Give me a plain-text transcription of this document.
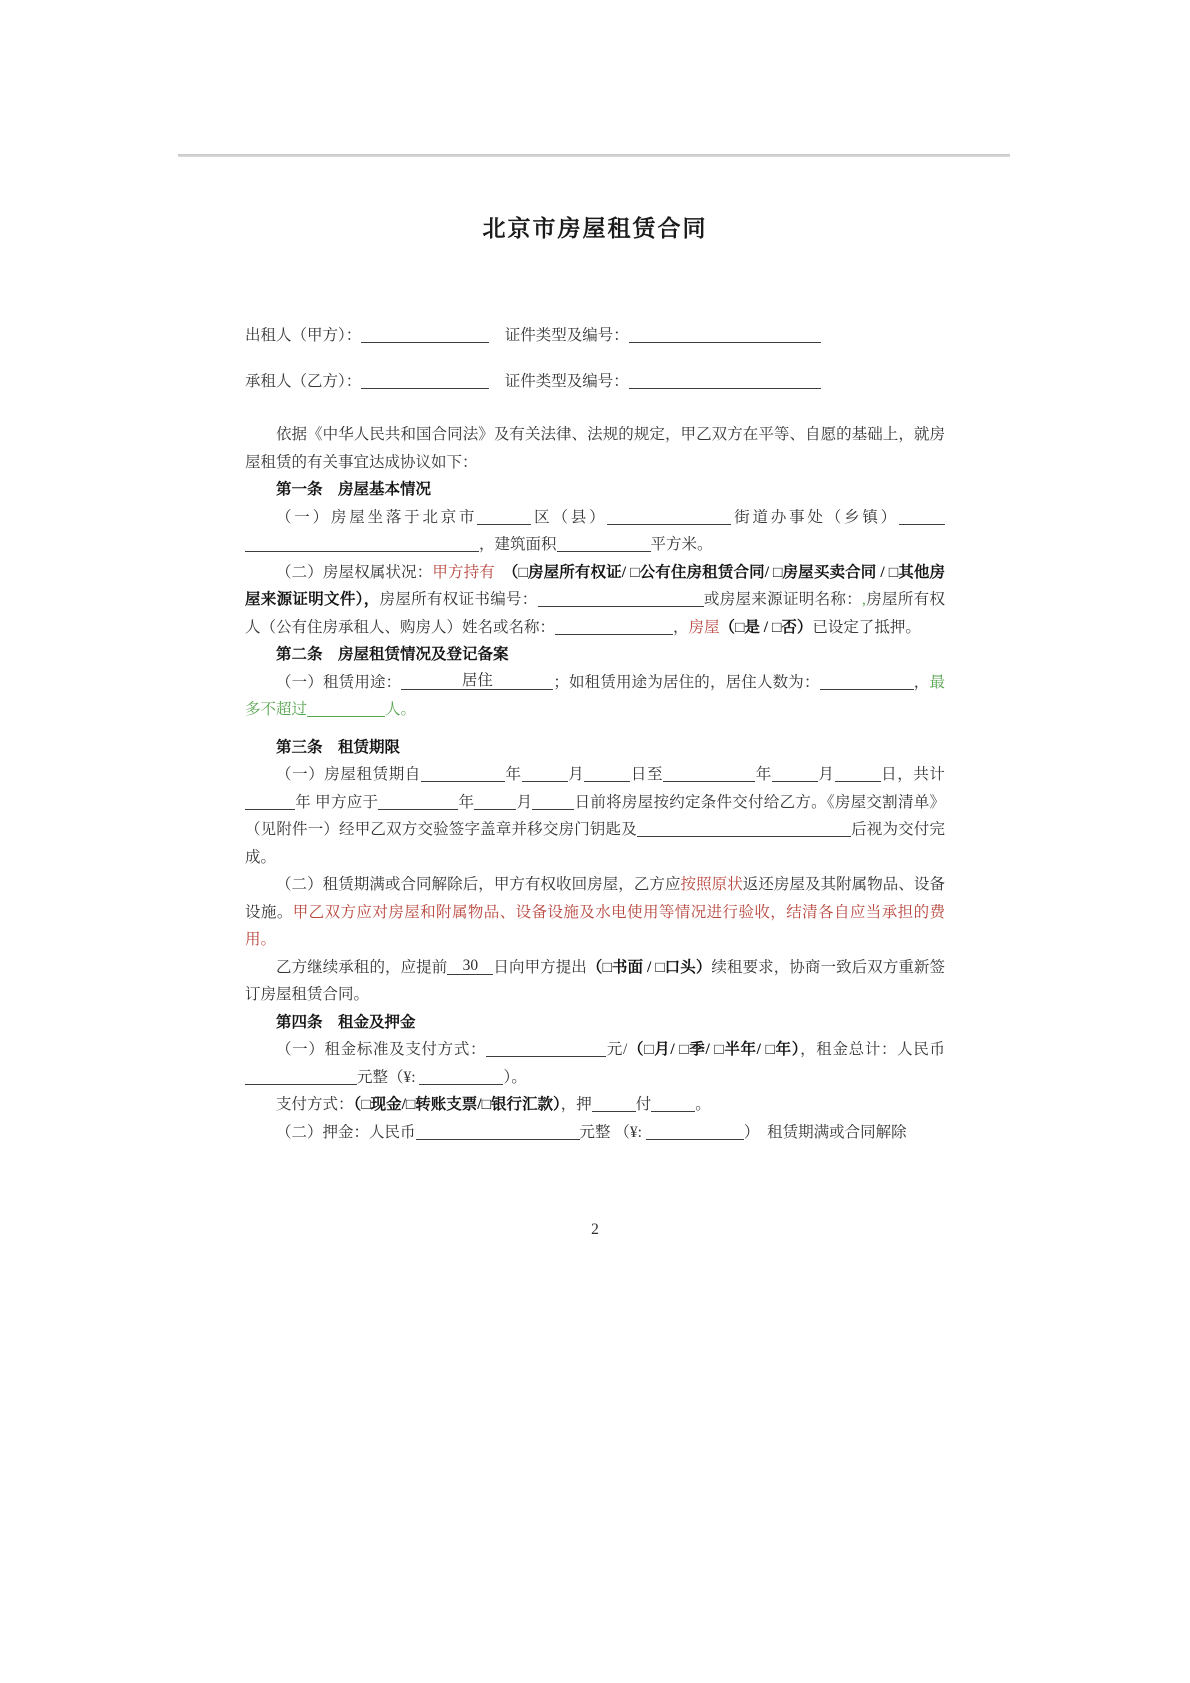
北京市房屋租赁合同
出租人（甲方）：	　证件类型及编号：
承租人（乙方）：	　证件类型及编号：
依据《中华人民共和国合同法》及有关法律、法规的规定，甲乙双方在平等、自愿的基础上，就房屋租赁的有关事宜达成协议如下：
第一条　房屋基本情况
（一）房屋坐落于北京市	区（县）	街道办事处（乡镇），建筑面积	平方米。
（二）房屋权属状况：甲方持有　 （□房屋所有权证/ □公有住房租赁合同/ □房屋买卖合同 / □其他房屋来源证明文件），房屋所有权证书编号：	或房屋来源证明名称：,房屋所有权人（公有住房承租人、购房人）姓名或名称：	，房屋（□是 / □否）已设定了抵押。
第二条　房屋租赁情况及登记备案
（一）租赁用途：	居住	；如租赁用途为居住的，居住人数为：	，最多不超过	人。
第三条　租赁期限
（一）房屋租赁期自	年	月	日至	年	月	日，共计年 甲方应于	年	月	日前将房屋按约定条件交付给乙方。《房屋交割清单》（见附件一）经甲乙双方交验签字盖章并移交房门钥匙及	后视为交付完成。
（二）租赁期满或合同解除后，甲方有权收回房屋，乙方应按照原状返还房屋及其附属物品、设备设施。甲乙双方应对房屋和附属物品、设备设施及水电使用等情况进行验收，结清各自应当承担的费用。
乙方继续承租的，应提前 30 日向甲方提出（□书面 / □口头）续租要求，协商一致后双方重新签订房屋租赁合同。
第四条　租金及押金
（一）租金标准及支付方式：	元/（□月/ □季/ □半年/ □年），租金总计：人民币元整（¥:	）。
支付方式：（□现金/□转账支票/□银行汇款），押	付	。
（二）押金：人民币	元整 （¥:	）　租赁期满或合同解除
2
